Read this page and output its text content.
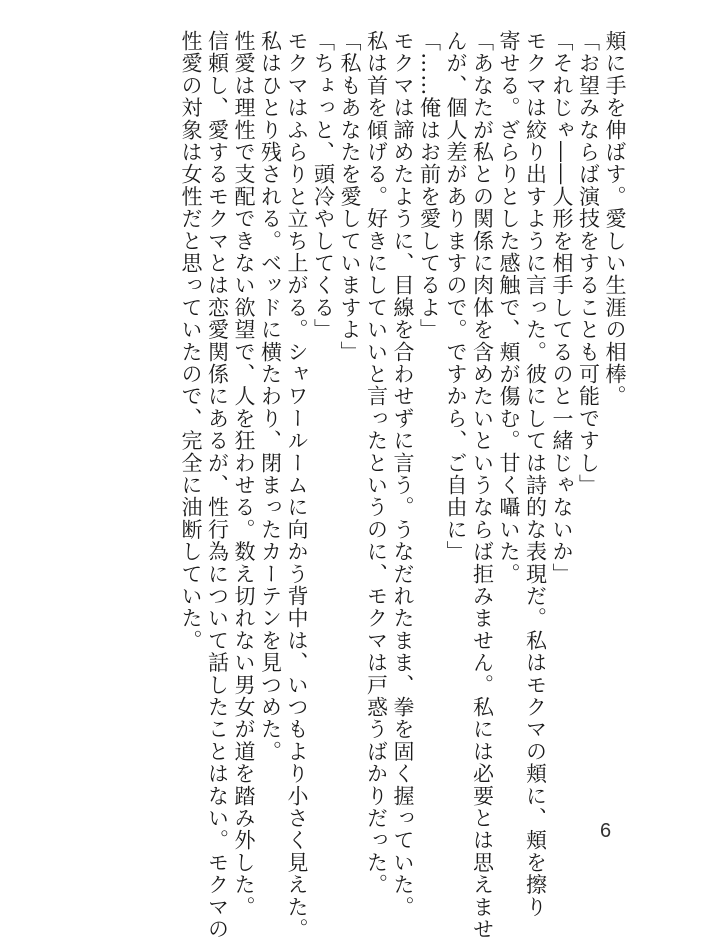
頬に手を伸ばす。愛しい生涯の相棒。
「お望みならば演技をすることも可能ですし」
「それじゃ――人形を相手してるのと一緒じゃないか」
モクマは絞り出すように言った。彼にしては詩的な表現だ。私はモクマの頬に、頬を擦り
寄せる。ざらりとした感触で、頬が傷む。甘く囁いた。
「あなたが私との関係に肉体を含めたいというならば拒みません。私には必要とは思えませ
んが、個人差がありますので。ですから、ご自由に」
「……俺はお前を愛してるよ」
モクマは諦めたように、目線を合わせずに言う。うなだれたまま、拳を固く握っていた。
私は首を傾げる。好きにしていいと言ったというのに、モクマは戸惑うばかりだった。
「私もあなたを愛していますよ」
「ちょっと、頭冷やしてくる」
モクマはふらりと立ち上がる。シャワールームに向かう背中は、いつもより小さく見えた。
私はひとり残される。ベッドに横たわり、閉まったカーテンを見つめた。
性愛は理性で支配できない欲望で、人を狂わせる。数え切れない男女が道を踏み外した。
信頼し、愛するモクマとは恋愛関係にあるが、性行為について話したことはない。モクマの
性愛の対象は女性だと思っていたので、完全に油断していた。
6
